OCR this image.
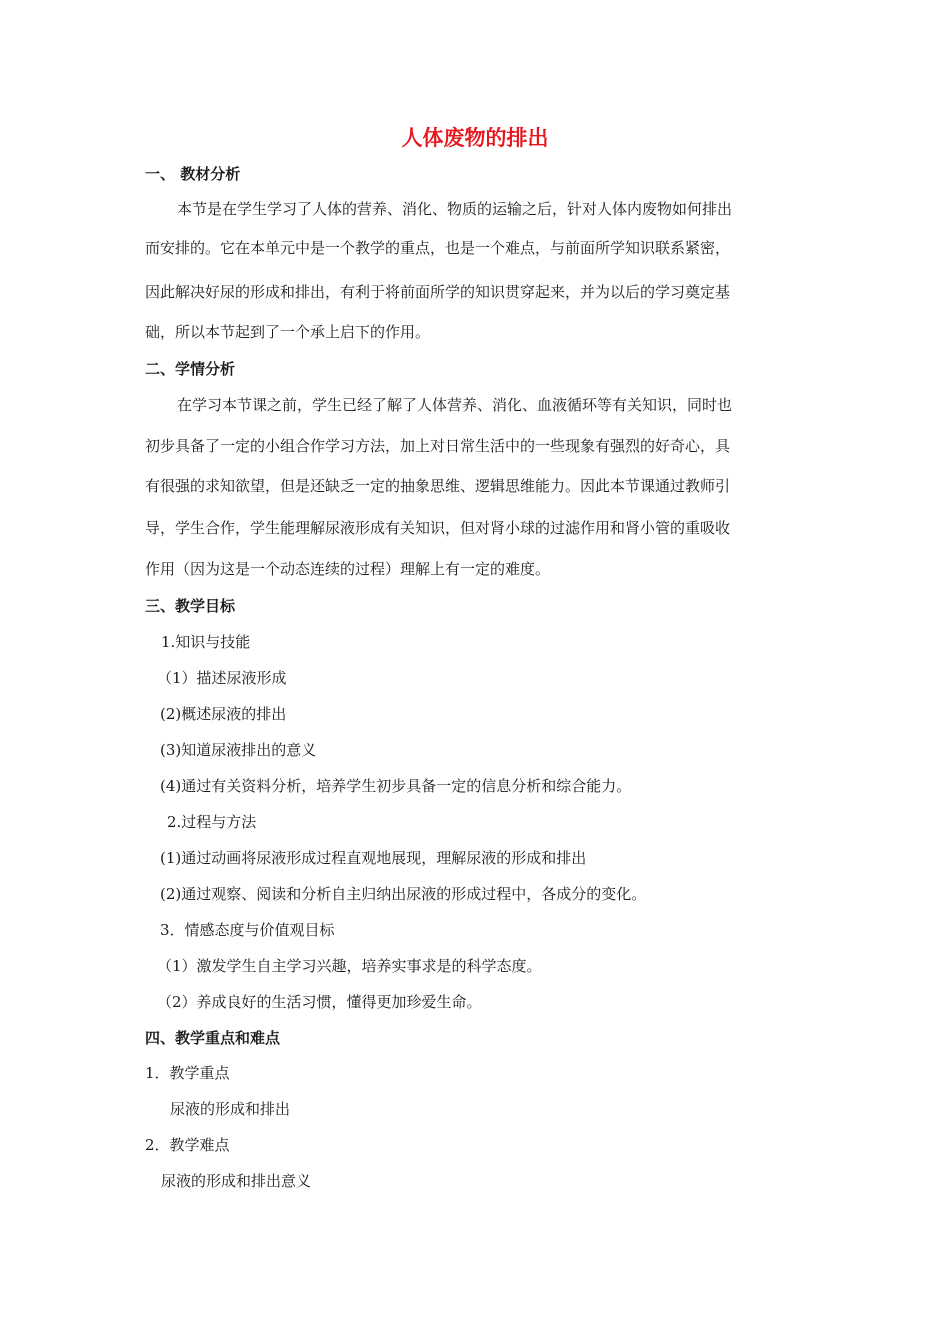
人体废物的排出
一、 教材分析
本节是在学生学习了人体的营养、消化、物质的运输之后，针对人体内废物如何排出
而安排的。它在本单元中是一个教学的重点，也是一个难点，与前面所学知识联系紧密，
因此解决好尿的形成和排出，有利于将前面所学的知识贯穿起来，并为以后的学习奠定基
础，所以本节起到了一个承上启下的作用。
二、学情分析
在学习本节课之前，学生已经了解了人体营养、消化、血液循环等有关知识，同时也
初步具备了一定的小组合作学习方法，加上对日常生活中的一些现象有强烈的好奇心，具
有很强的求知欲望，但是还缺乏一定的抽象思维、逻辑思维能力。因此本节课通过教师引
导，学生合作，学生能理解尿液形成有关知识，但对肾小球的过滤作用和肾小管的重吸收
作用（因为这是一个动态连续的过程）理解上有一定的难度。
三、教学目标
1.知识与技能
（1）描述尿液形成
(2)概述尿液的排出
(3)知道尿液排出的意义
(4)通过有关资料分析，培养学生初步具备一定的信息分析和综合能力。
2.过程与方法
(1)通过动画将尿液形成过程直观地展现，理解尿液的形成和排出
(2)通过观察、阅读和分析自主归纳出尿液的形成过程中，各成分的变化。
3．情感态度与价值观目标
（1）激发学生自主学习兴趣，培养实事求是的科学态度。
（2）养成良好的生活习惯，懂得更加珍爱生命。
四、教学重点和难点
1．教学重点
尿液的形成和排出
2．教学难点
尿液的形成和排出意义
